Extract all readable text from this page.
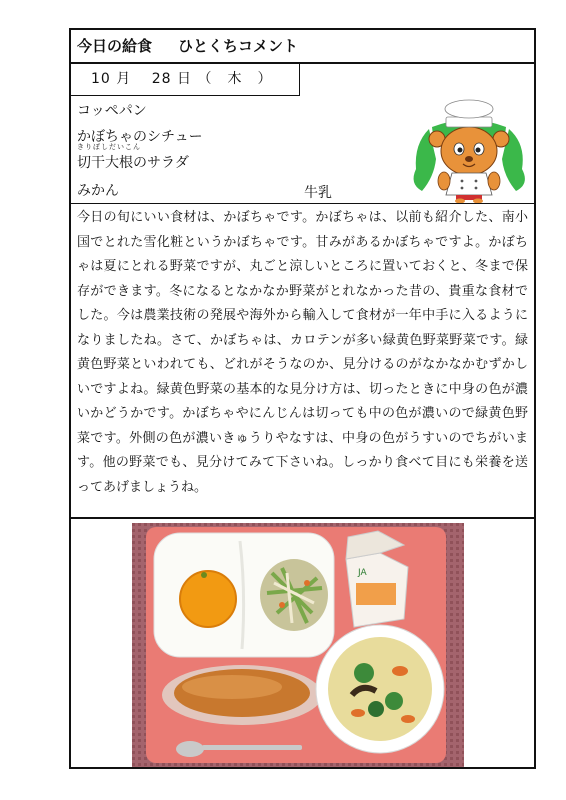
今日の給食 ひとくちコメント
10 月　 28 日 （　木　）
コッペパン
かぼちゃのシチュー
きりぼしだいこん
切干大根のサラダ
みかん	牛乳
今日の旬にいい食材は、かぼちゃです。かぼちゃは、以前も紹介した、南小国でとれた雪化粧というかぼちゃです。甘みがあるかぼちゃですよ。かぼちゃは夏にとれる野菜ですが、丸ごと涼しいところに置いておくと、冬まで保存ができます。冬になるとなかなか野菜がとれなかった昔の、貴重な食材でした。今は農業技術の発展や海外から輸入して食材が一年中手に入るようになりましたね。さて、かぼちゃは、カロテンが多い緑黄色野菜野菜です。緑黄色野菜といわれても、どれがそうなのか、見分けるのがなかなかむずかしいですよね。緑黄色野菜の基本的な見分け方は、切ったときに中身の色が濃いかどうかです。かぼちゃやにんじんは切っても中の色が濃いので緑黄色野菜です。外側の色が濃いきゅうりやなすは、中身の色がうすいのでちがいます。他の野菜でも、見分けてみて下さいね。しっかり食べて目にも栄養を送ってあげましょうね。
JA
